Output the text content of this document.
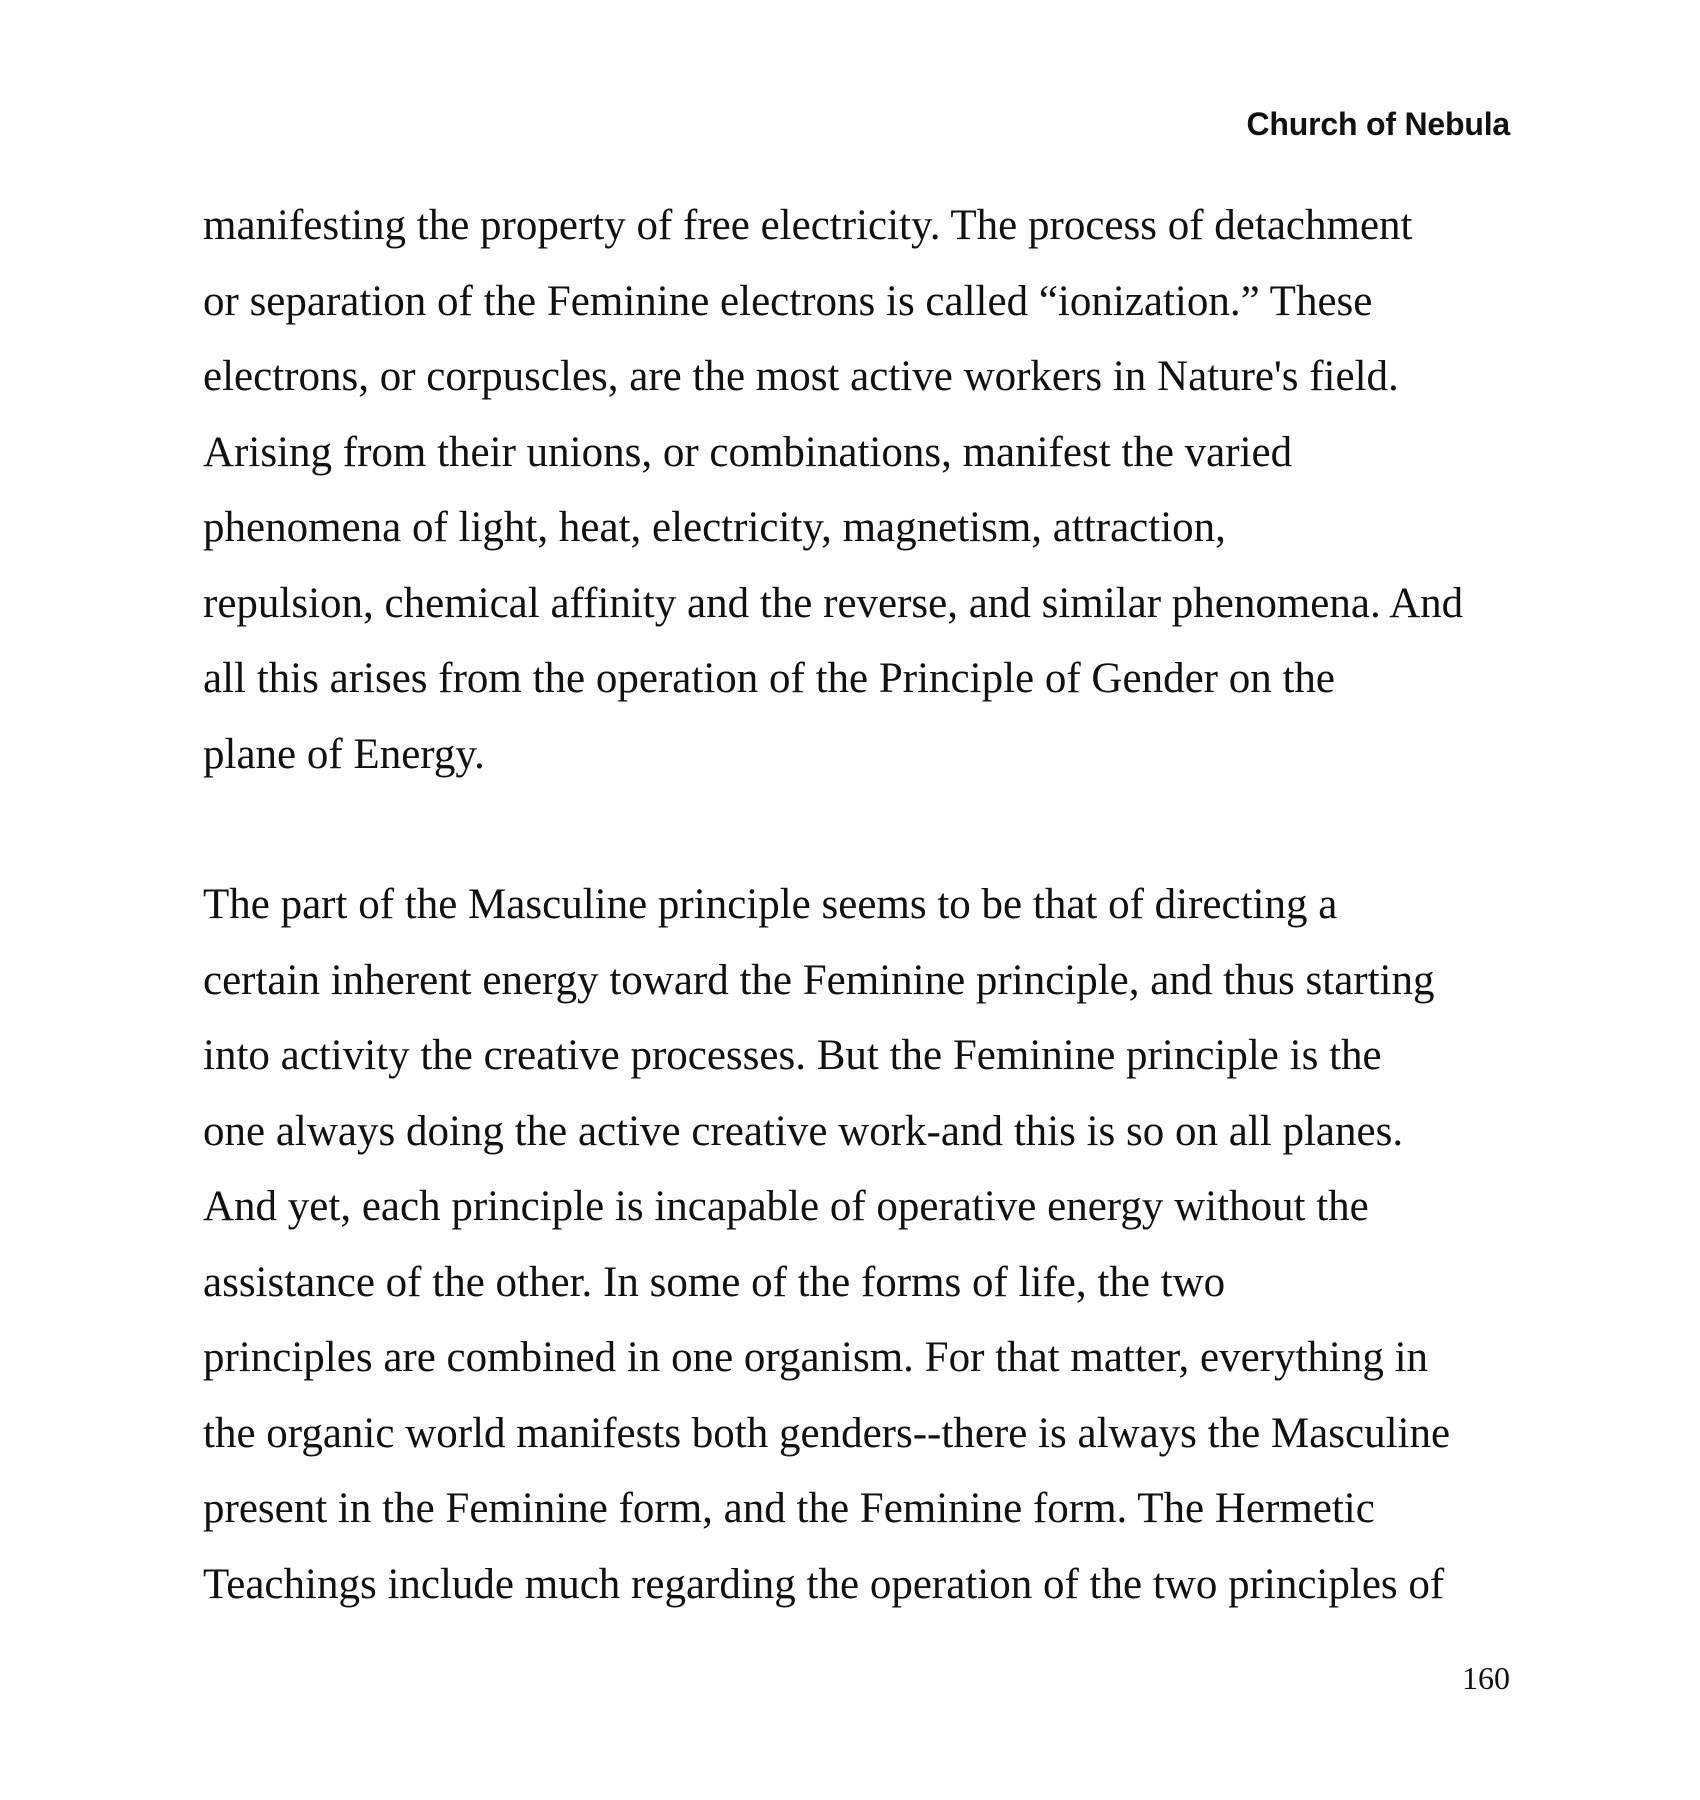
Church of Nebula

manifesting the property of free electricity. The process of detachment
or separation of the Feminine electrons is called “ionization.” These
electrons, or corpuscles, are the most active workers in Nature's field.
Arising from their unions, or combinations, manifest the varied
phenomena of light, heat, electricity, magnetism, attraction,
repulsion, chemical affinity and the reverse, and similar phenomena. And
all this arises from the operation of the Principle of Gender on the
plane of Energy.

The part of the Masculine principle seems to be that of directing a
certain inherent energy toward the Feminine principle, and thus starting
into activity the creative processes. But the Feminine principle is the
one always doing the active creative work-and this is so on all planes.
And yet, each principle is incapable of operative energy without the
assistance of the other. In some of the forms of life, the two
principles are combined in one organism. For that matter, everything in
the organic world manifests both genders--there is always the Masculine
present in the Feminine form, and the Feminine form. The Hermetic
Teachings include much regarding the operation of the two principles of

160
